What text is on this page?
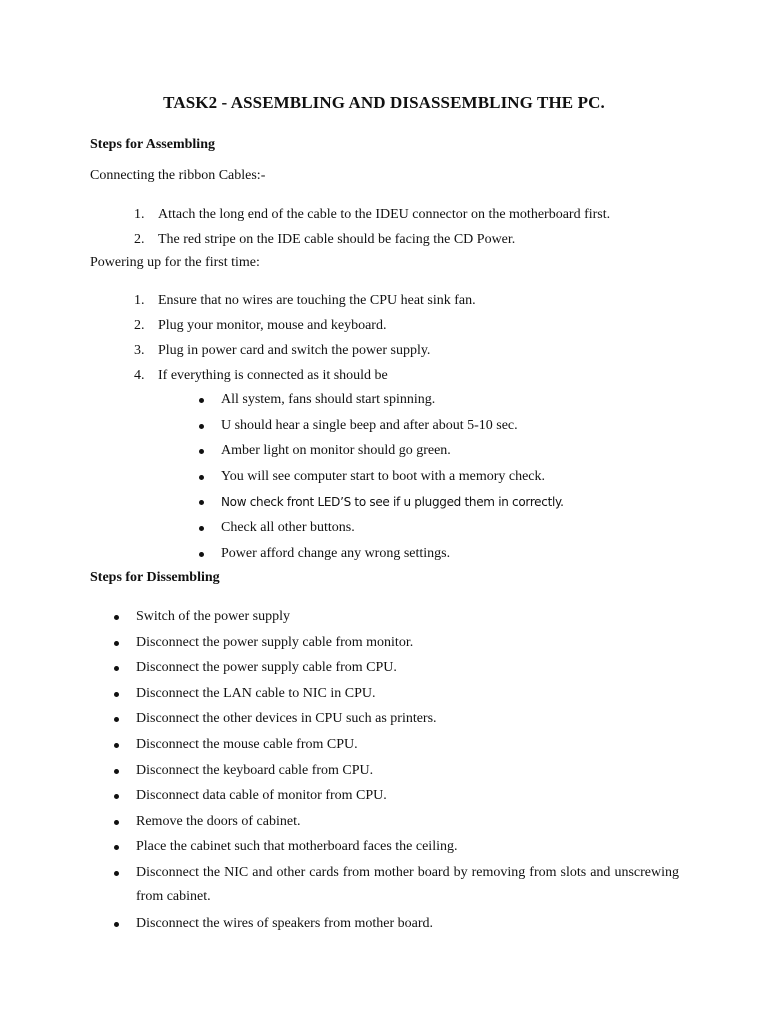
TASK2 - ASSEMBLING AND DISASSEMBLING THE PC.
Steps for Assembling

Connecting the ribbon Cables:-

1. Attach the long end of the cable to the IDEU connector on the motherboard first.
2. The red stripe on the IDE cable should be facing the CD Power.

Powering up for the first time:

1. Ensure that no wires are touching the CPU heat sink fan.
2. Plug your monitor, mouse and keyboard.
3. Plug in power card and switch the power supply.
4. If everything is connected as it should be
All system, fans should start spinning.
U should hear a single beep and after about 5-10 sec.
Amber light on monitor should go green.
You will see computer start to boot with a memory check.
Now check front LED’S to see if u plugged them in correctly.
Check all other buttons.
Power afford change any wrong settings.
Steps for Dissembling
Switch of the power supply
Disconnect the power supply cable from monitor.
Disconnect the power supply cable from CPU.
Disconnect the LAN cable to NIC in CPU.
Disconnect the other devices in CPU such as printers.
Disconnect the mouse cable from CPU.
Disconnect the keyboard cable from CPU.
Disconnect data cable of monitor from CPU.
Remove the doors of cabinet.
Place the cabinet such that motherboard faces the ceiling.
Disconnect the NIC and other cards from mother board by removing from slots and unscrewing from cabinet.
Disconnect the wires of speakers from mother board.
